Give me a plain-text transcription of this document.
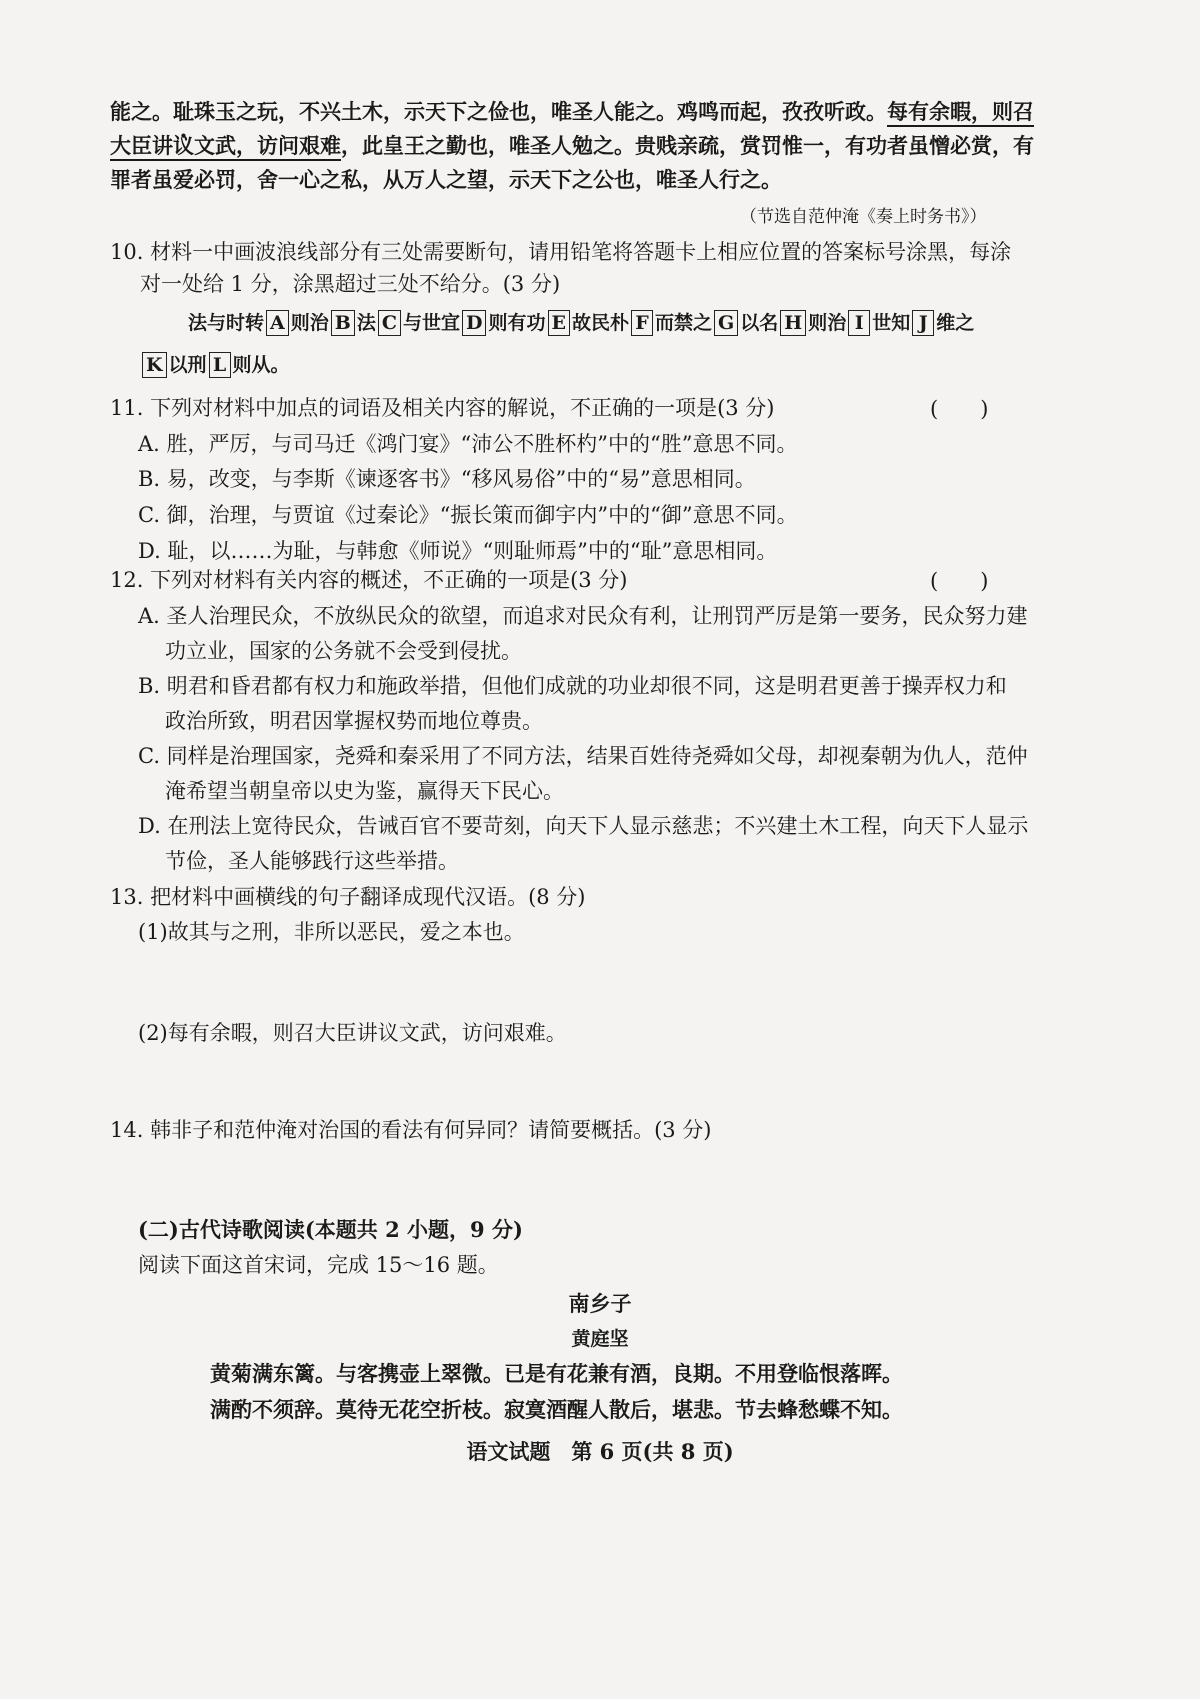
能之。耻珠玉之玩，不兴土木，示天下之俭也，唯圣人能之。鸡鸣而起，孜孜听政。每有余暇，则召
大臣讲议文武，访问艰难，此皇王之勤也，唯圣人勉之。贵贱亲疏，赏罚惟一，有功者虽憎必赏，有
罪者虽爱必罚，舍一心之私，从万人之望，示天下之公也，唯圣人行之。
（节选自范仲淹《奏上时务书》）
10. 材料一中画波浪线部分有三处需要断句，请用铅笔将答题卡上相应位置的答案标号涂黑，每涂
对一处给 1 分，涂黑超过三处不给分。(3 分)
法与时转 A 则治 B 法 C 与世宜 D 则有功 E 故民朴 F 而禁之 G 以名 H 则治 I 世知 J 维之
K 以刑 L 则从。
11. 下列对材料中加点的词语及相关内容的解说，不正确的一项是(3 分)	(　　)
A. 胜，严厉，与司马迁《鸿门宴》“沛公不胜杯杓”中的“胜”意思不同。
B. 易，改变，与李斯《谏逐客书》“移风易俗”中的“易”意思相同。
C. 御，治理，与贾谊《过秦论》“振长策而御宇内”中的“御”意思不同。
D. 耻，以……为耻，与韩愈《师说》“则耻师焉”中的“耻”意思相同。
12. 下列对材料有关内容的概述，不正确的一项是(3 分)	(　　)
A. 圣人治理民众，不放纵民众的欲望，而追求对民众有利，让刑罚严厉是第一要务，民众努力建
功立业，国家的公务就不会受到侵扰。
B. 明君和昏君都有权力和施政举措，但他们成就的功业却很不同，这是明君更善于操弄权力和
政治所致，明君因掌握权势而地位尊贵。
C. 同样是治理国家，尧舜和秦采用了不同方法，结果百姓待尧舜如父母，却视秦朝为仇人，范仲
淹希望当朝皇帝以史为鉴，赢得天下民心。
D. 在刑法上宽待民众，告诫百官不要苛刻，向天下人显示慈悲；不兴建土木工程，向天下人显示
节俭，圣人能够践行这些举措。
13. 把材料中画横线的句子翻译成现代汉语。(8 分)
(1)故其与之刑，非所以恶民，爱之本也。
(2)每有余暇，则召大臣讲议文武，访问艰难。
14. 韩非子和范仲淹对治国的看法有何异同？请简要概括。(3 分)
(二)古代诗歌阅读(本题共 2 小题，9 分)
阅读下面这首宋词，完成 15～16 题。
南乡子
黄庭坚
黄菊满东篱。与客携壶上翠微。已是有花兼有酒，良期。不用登临恨落晖。
满酌不须辞。莫待无花空折枝。寂寞酒醒人散后，堪悲。节去蜂愁蝶不知。
语文试题　第 6 页(共 8 页)
